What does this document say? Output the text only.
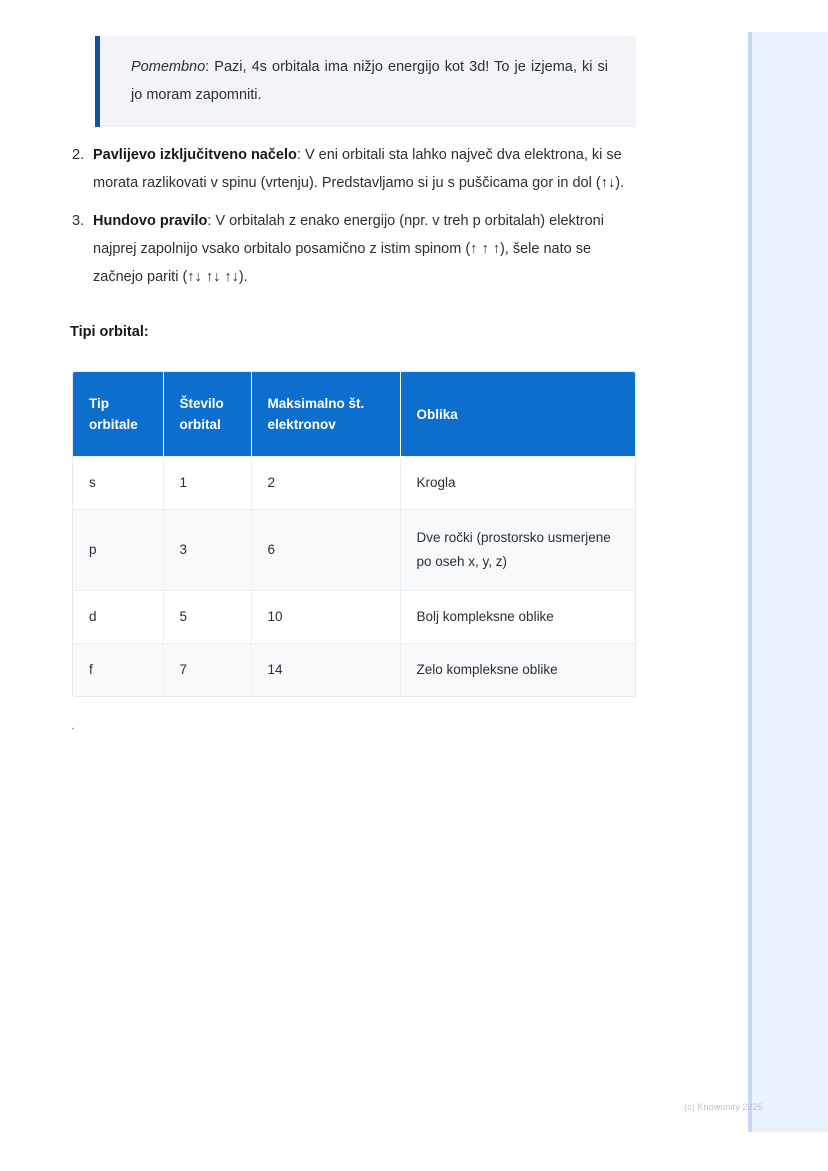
Pomembno: Pazi, 4s orbitala ima nižjo energijo kot 3d! To je izjema, ki si jo moram zapomniti.

2. Pavlijevo izključitveno načelo: V eni orbitali sta lahko največ dva elektrona, ki se morata razlikovati v spinu (vrtenju). Predstavljamo si ju s puščicama gor in dol (↑↓).
3. Hundovo pravilo: V orbitalah z enako energijo (npr. v treh p orbitalah) elektroni najprej zapolnijo vsako orbitalo posamično z istim spinom (↑ ↑ ↑), šele nato se začnejo pariti (↑↓ ↑↓ ↑↓).
Tipi orbital:
Tip orbitale	Število orbital	Maksimalno št. elektronov	Oblika
s	1	2	Krogla
p	3	6	Dve ročki (prostorsko usmerjene po oseh x, y, z)
d	5	10	Bolj kompleksne oblike
f	7	14	Zelo kompleksne oblike
`
(c) Knowunity 2025
